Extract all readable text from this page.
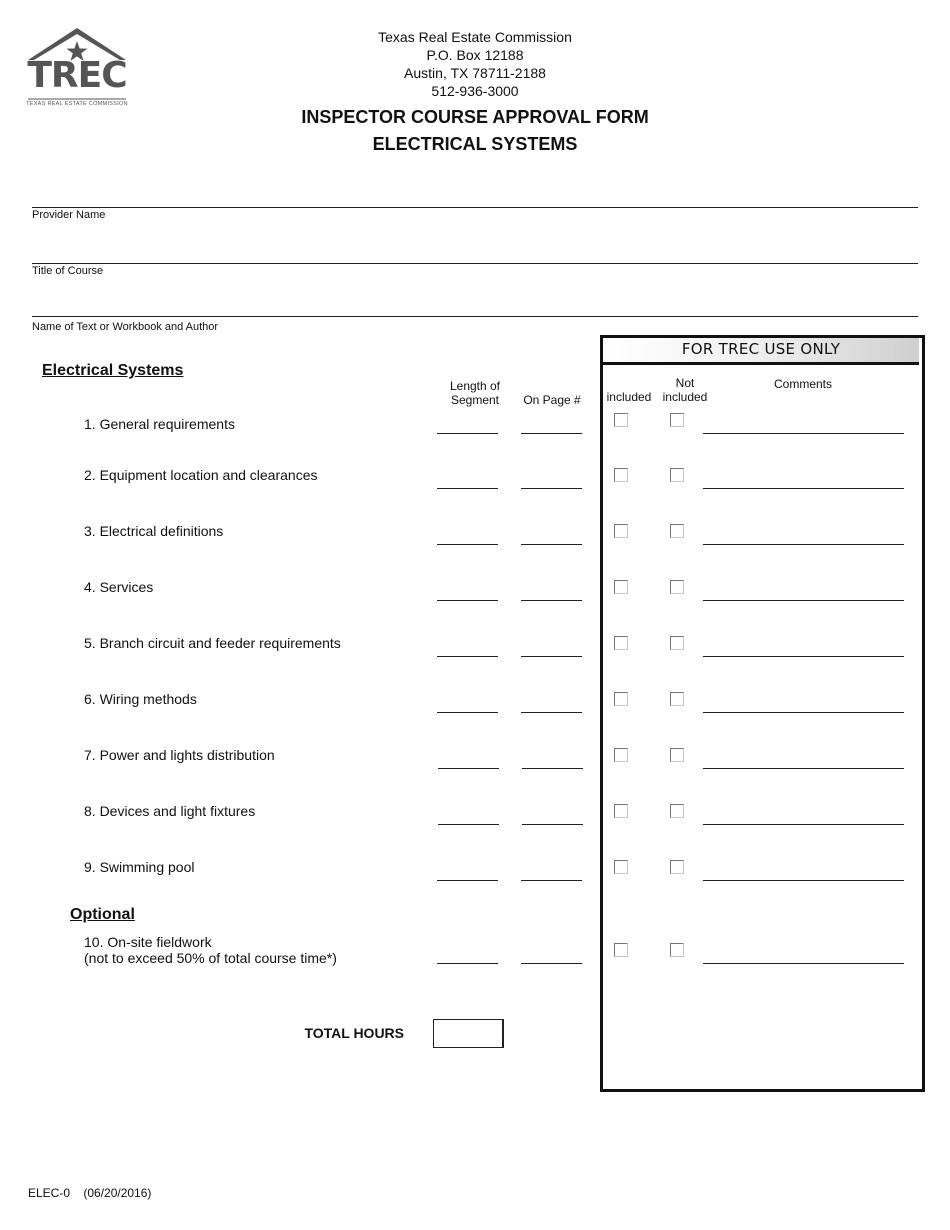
TREC
TEXAS REAL ESTATE COMMISSION
Texas Real Estate Commission
P.O. Box 12188
Austin, TX 78711-2188
512-936-3000
INSPECTOR COURSE APPROVAL FORM
ELECTRICAL SYSTEMS
Provider Name
Title of Course
Name of Text or Workbook and Author
FOR TREC USE ONLY
Electrical Systems
Length of
Segment	On Page #	included
Not
included
Comments
1. General requirements
2. Equipment location and clearances
3. Electrical definitions
4. Services
5. Branch circuit and feeder requirements
6. Wiring methods
7. Power and lights distribution
8. Devices and light fixtures
9. Swimming pool
Optional
10. On-site fieldwork
(not to exceed 50% of total course time*)
TOTAL HOURS
ELEC-0    (06/20/2016)
